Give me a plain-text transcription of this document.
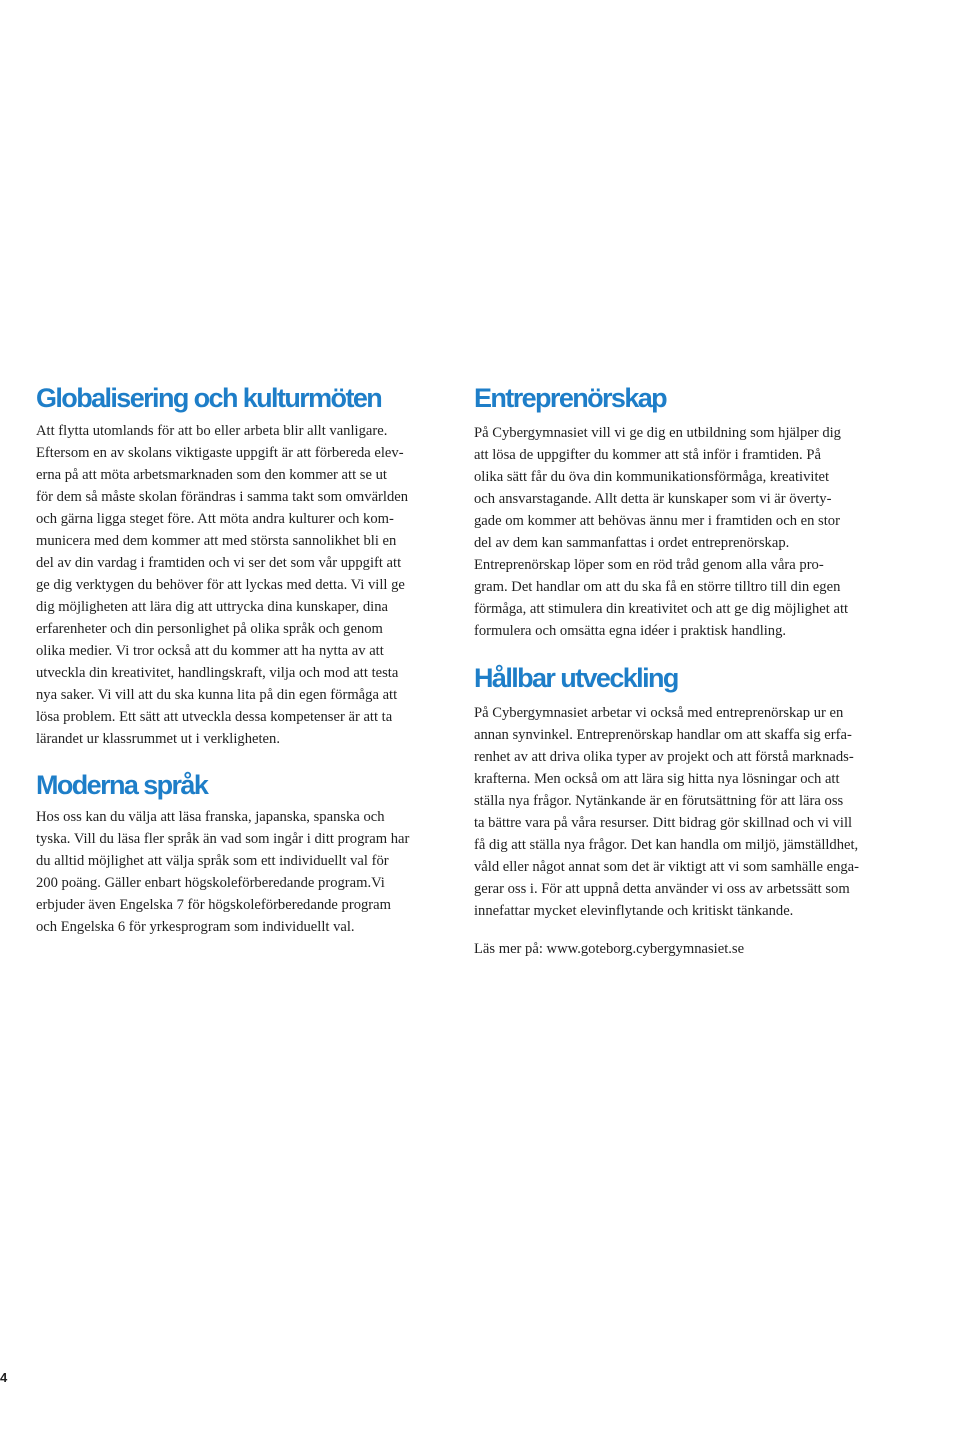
Globalisering och kulturmöten

Att flytta utomlands för att bo eller arbeta blir allt vanligare.
Eftersom en av skolans viktigaste uppgift är att förbereda elev-
erna på att möta arbetsmarknaden som den kommer att se ut
för dem så måste skolan förändras i samma takt som omvärlden
och gärna ligga steget före. Att möta andra kulturer och kom-
municera med dem kommer att med största sannolikhet bli en
del av din vardag i framtiden och vi ser det som vår uppgift att
ge dig verktygen du behöver för att lyckas med detta. Vi vill ge
dig möjligheten att lära dig att uttrycka dina kunskaper, dina
erfarenheter och din personlighet på olika språk och genom
olika medier. Vi tror också att du kommer att ha nytta av att
utveckla din kreativitet, handlingskraft, vilja och mod att testa
nya saker. Vi vill att du ska kunna lita på din egen förmåga att
lösa problem. Ett sätt att utveckla dessa kompetenser är att ta
lärandet ur klassrummet ut i verkligheten.

Moderna språk

Hos oss kan du välja att läsa franska, japanska, spanska och
tyska. Vill du läsa fler språk än vad som ingår i ditt program har
du alltid möjlighet att välja språk som ett individuellt val för
200 poäng. Gäller enbart högskoleförberedande program.Vi
erbjuder även Engelska 7 för högskoleförberedande program
och Engelska 6 för yrkesprogram som individuellt val.

Entreprenörskap

På Cybergymnasiet vill vi ge dig en utbildning som hjälper dig
att lösa de uppgifter du kommer att stå inför i framtiden. På
olika sätt får du öva din kommunikationsförmåga, kreativitet
och ansvarstagande. Allt detta är kunskaper som vi är överty-
gade om kommer att behövas ännu mer i framtiden och en stor
del av dem kan sammanfattas i ordet entreprenörskap.
Entreprenörskap löper som en röd tråd genom alla våra pro-
gram. Det handlar om att du ska få en större tilltro till din egen
förmåga, att stimulera din kreativitet och att ge dig möjlighet att
formulera och omsätta egna idéer i praktisk handling.

Hållbar utveckling

På Cybergymnasiet arbetar vi också med entreprenörskap ur en
annan synvinkel. Entreprenörskap handlar om att skaffa sig erfa-
renhet av att driva olika typer av projekt och att förstå marknads-
krafterna. Men också om att lära sig hitta nya lösningar och att
ställa nya frågor. Nytänkande är en förutsättning för att lära oss
ta bättre vara på våra resurser. Ditt bidrag gör skillnad och vi vill
få dig att ställa nya frågor. Det kan handla om miljö, jämställdhet,
våld eller något annat som det är viktigt att vi som samhälle enga-
gerar oss i. För att uppnå detta använder vi oss av arbetssätt som
innefattar mycket elevinflytande och kritiskt tänkande.

Läs mer på: www.goteborg.cybergymnasiet.se

4
